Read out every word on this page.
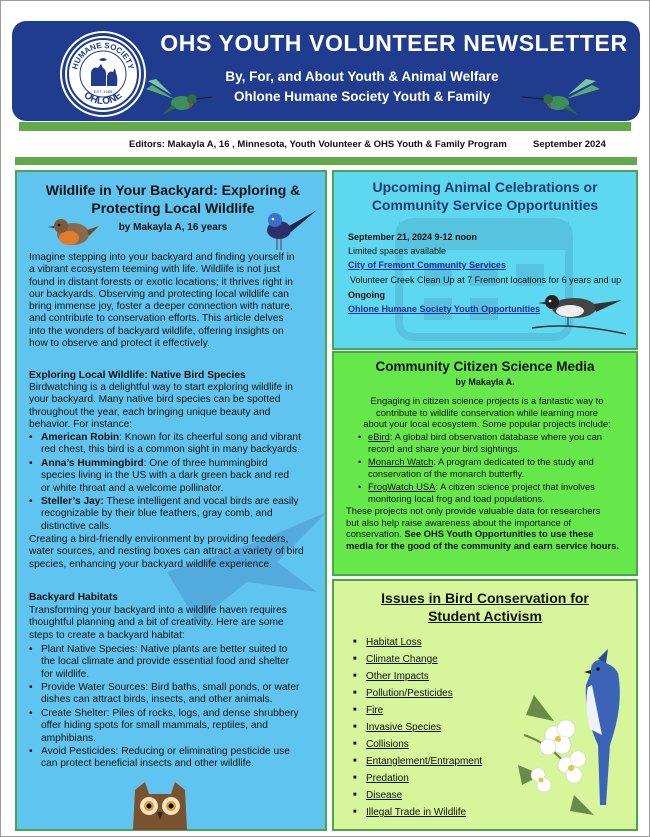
HUMANE SOCIETY
OHLONE
EST. 1985
OHS YOUTH VOLUNTEER NEWSLETTER
By, For, and About Youth & Animal Welfare
Ohlone Humane Society Youth & Family
Editors: Makayla A, 16 , Minnesota, Youth Volunteer & OHS Youth & Family Program	September 2024
Wildlife in Your Backyard: Exploring &
Protecting Local Wildlife
by Makayla A, 16 years
Imagine stepping into your backyard and finding yourself in
a vibrant ecosystem teeming with life. Wildlife is not just
found in distant forests or exotic locations; it thrives right in
our backyards. Observing and protecting local wildlife can
bring immense joy, foster a deeper connection with nature,
and contribute to conservation efforts. This article delves
into the wonders of backyard wildlife, offering insights on
how to observe and protect it effectively.
Exploring Local Wildlife: Native Bird Species
Birdwatching is a delightful way to start exploring wildlife in
your backyard. Many native bird species can be spotted
throughout the year, each bringing unique beauty and
behavior. For instance:
• American Robin: Known for its cheerful song and vibrant
red chest, this bird is a common sight in many backyards.
• Anna’s Hummingbird: One of three hummingbird
species living in the US with a dark green back and red
or white throat and a welcome pollinator.
• Steller’s Jay: These intelligent and vocal birds are easily
recognizable by their blue feathers, gray comb, and
distinctive calls.
Creating a bird-friendly environment by providing feeders,
water sources, and nesting boxes can attract a variety of bird
species, enhancing your backyard wildlife experience.
Backyard Habitats
Transforming your backyard into a wildlife haven requires
thoughtful planning and a bit of creativity. Here are some
steps to create a backyard habitat:
• Plant Native Species: Native plants are better suited to
the local climate and provide essential food and shelter
for wildlife.
• Provide Water Sources: Bird baths, small ponds, or water
dishes can attract birds, insects, and other animals.
• Create Shelter: Piles of rocks, logs, and dense shrubbery
offer hiding spots for small mammals, reptiles, and
amphibians.
• Avoid Pesticides: Reducing or eliminating pesticide use
can protect beneficial insects and other wildlife.
Upcoming Animal Celebrations or
Community Service Opportunities
September 21, 2024 9-12 noon
Limited spaces available
City of Fremont Community Services
Volunteer Creek Clean Up at 7 Fremont locations for 6 years and up
Ongoing
Ohlone Humane Society Youth Opportunities
Community Citizen Science Media
by Makayla A.
Engaging in citizen science projects is a fantastic way to
contribute to wildlife conservation while learning more
about your local ecosystem. Some popular projects include:
• eBird: A global bird observation database where you can
record and share your bird sightings.
• Monarch Watch: A program dedicated to the study and
conservation of the monarch butterfly.
• FrogWatch USA: A citizen science project that involves
monitoring local frog and toad populations.
These projects not only provide valuable data for researchers
but also help raise awareness about the importance of
conservation. See OHS Youth Opportunities to use these
media for the good of the community and earn service hours.
Issues in Bird Conservation for
Student Activism
■ Habitat Loss
■ Climate Change
■ Other Impacts
■ Pollution/Pesticides
■ Fire
■ Invasive Species
■ Collisions
■ Entanglement/Entrapment
■ Predation
■ Disease
■ Illegal Trade in Wildlife
